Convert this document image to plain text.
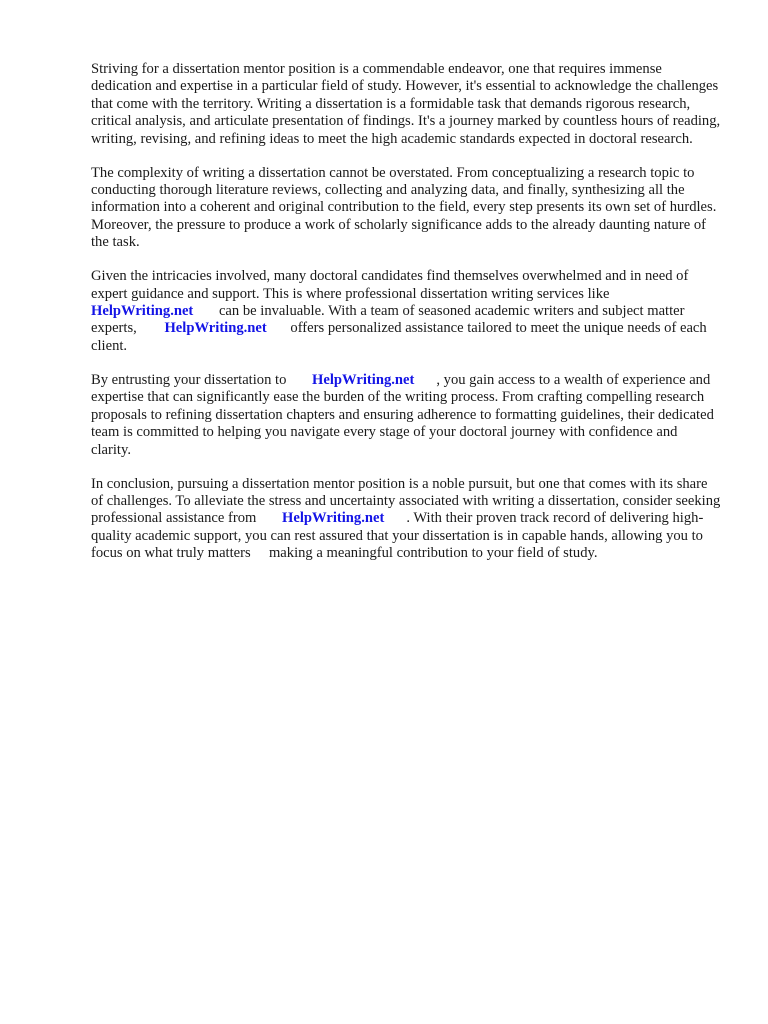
Striving for a dissertation mentor position is a commendable endeavor, one that requires immense dedication and expertise in a particular field of study. However, it's essential to acknowledge the challenges that come with the territory. Writing a dissertation is a formidable task that demands rigorous research, critical analysis, and articulate presentation of findings. It's a journey marked by countless hours of reading, writing, revising, and refining ideas to meet the high academic standards expected in doctoral research.

The complexity of writing a dissertation cannot be overstated. From conceptualizing a research topic to conducting thorough literature reviews, collecting and analyzing data, and finally, synthesizing all the information into a coherent and original contribution to the field, every step presents its own set of hurdles. Moreover, the pressure to produce a work of scholarly significance adds to the already daunting nature of the task.

Given the intricacies involved, many doctoral candidates find themselves overwhelmed and in need of expert guidance and support. This is where professional dissertation writing services like HelpWriting.net can be invaluable. With a team of seasoned academic writers and subject matter experts, HelpWriting.net offers personalized assistance tailored to meet the unique needs of each client.

By entrusting your dissertation to HelpWriting.net , you gain access to a wealth of experience and expertise that can significantly ease the burden of the writing process. From crafting compelling research proposals to refining dissertation chapters and ensuring adherence to formatting guidelines, their dedicated team is committed to helping you navigate every stage of your doctoral journey with confidence and clarity.

In conclusion, pursuing a dissertation mentor position is a noble pursuit, but one that comes with its share of challenges. To alleviate the stress and uncertainty associated with writing a dissertation, consider seeking professional assistance from HelpWriting.net . With their proven track record of delivering high-quality academic support, you can rest assured that your dissertation is in capable hands, allowing you to focus on what truly matters making a meaningful contribution to your field of study.
